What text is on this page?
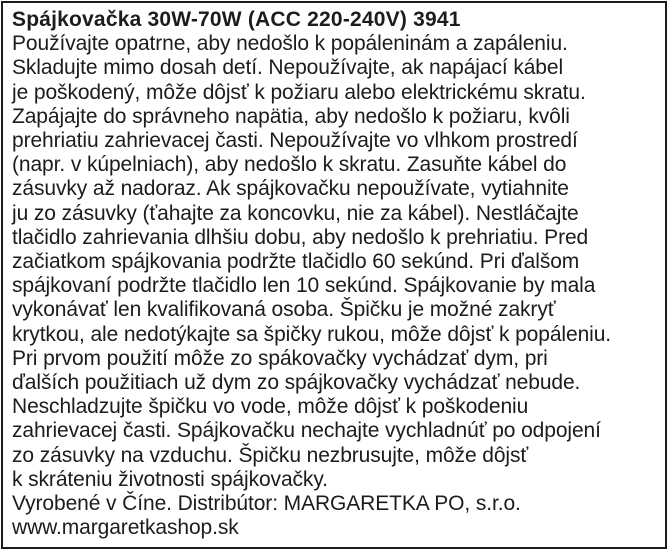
Spájkovačka 30W-70W (ACC 220-240V) 3941
Používajte opatrne, aby nedošlo k popáleninám a zapáleniu.
Skladujte mimo dosah detí. Nepoužívajte, ak napájací kábel
je poškodený, môže dôjsť k požiaru alebo elektrickému skratu.
Zapájajte do správneho napätia, aby nedošlo k požiaru, kvôli
prehriatiu zahrievacej časti. Nepoužívajte vo vlhkom prostredí
(napr. v kúpelniach), aby nedošlo k skratu. Zasuňte kábel do
zásuvky až nadoraz. Ak spájkovačku nepoužívate, vytiahnite
ju zo zásuvky (ťahajte za koncovku, nie za kábel). Nestláčajte
tlačidlo zahrievania dlhšiu dobu, aby nedošlo k prehriatiu. Pred
začiatkom spájkovania podržte tlačidlo 60 sekúnd. Pri ďalšom
spájkovaní podržte tlačidlo len 10 sekúnd. Spájkovanie by mala
vykonávať len kvalifikovaná osoba. Špičku je možné zakryť
krytkou, ale nedotýkajte sa špičky rukou, môže dôjsť k popáleniu.
Pri prvom použití môže zo spákovačky vychádzať dym, pri
ďalších použitiach už dym zo spájkovačky vychádzať nebude.
Neschladzujte špičku vo vode, môže dôjsť k poškodeniu
zahrievacej časti. Spájkovačku nechajte vychladnúť po odpojení
zo zásuvky na vzduchu. Špičku nezbrusujte, môže dôjsť
k skráteniu životnosti spájkovačky.
Vyrobené v Číne. Distribútor: MARGARETKA PO, s.r.o.
www.margaretkashop.sk
